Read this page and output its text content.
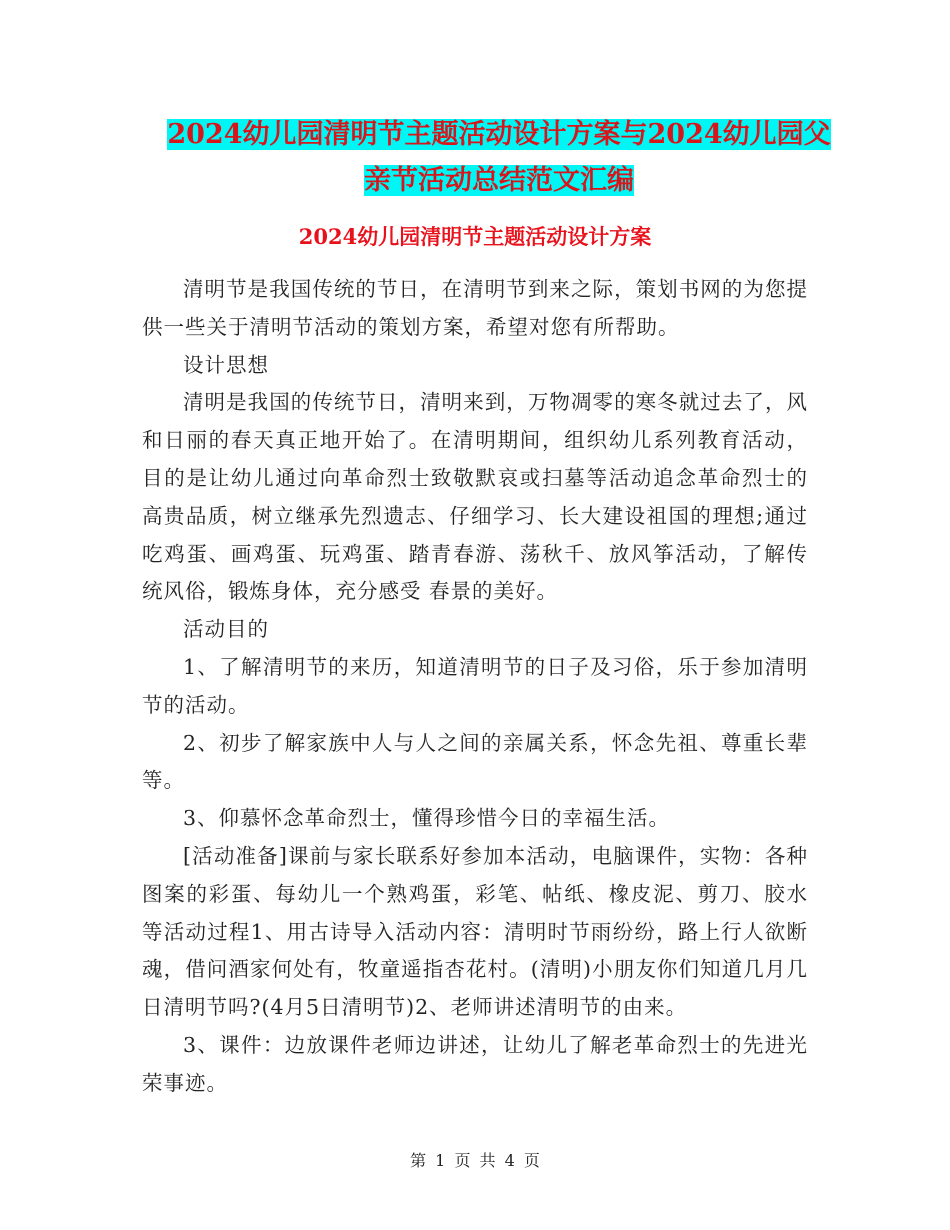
2024幼儿园清明节主题活动设计方案与2024幼儿园父
亲节活动总结范文汇编
2024幼儿园清明节主题活动设计方案

清明节是我国传统的节日，在清明节到来之际，策划书网的为您提供一些关于清明节活动的策划方案，希望对您有所帮助。

设计思想

清明是我国的传统节日，清明来到，万物凋零的寒冬就过去了，风和日丽的春天真正地开始了。在清明期间，组织幼儿系列教育活动，目的是让幼儿通过向革命烈士致敬默哀或扫墓等活动追念革命烈士的高贵品质，树立继承先烈遗志、仔细学习、长大建设祖国的理想;通过吃鸡蛋、画鸡蛋、玩鸡蛋、踏青春游、荡秋千、放风筝活动，了解传统风俗，锻炼身体，充分感受 春景的美好。

活动目的

1、了解清明节的来历，知道清明节的日子及习俗，乐于参加清明节的活动。

2、初步了解家族中人与人之间的亲属关系，怀念先祖、尊重长辈等。

3、仰慕怀念革命烈士，懂得珍惜今日的幸福生活。

[活动准备]课前与家长联系好参加本活动，电脑课件，实物：各种图案的彩蛋、每幼儿一个熟鸡蛋，彩笔、帖纸、橡皮泥、剪刀、胶水等活动过程1、用古诗导入活动内容：清明时节雨纷纷，路上行人欲断魂，借问酒家何处有，牧童遥指杏花村。(清明)小朋友你们知道几月几日清明节吗?(4月5日清明节)2、老师讲述清明节的由来。

3、课件：边放课件老师边讲述，让幼儿了解老革命烈士的先进光荣事迹。

第 1 页 共 4 页
